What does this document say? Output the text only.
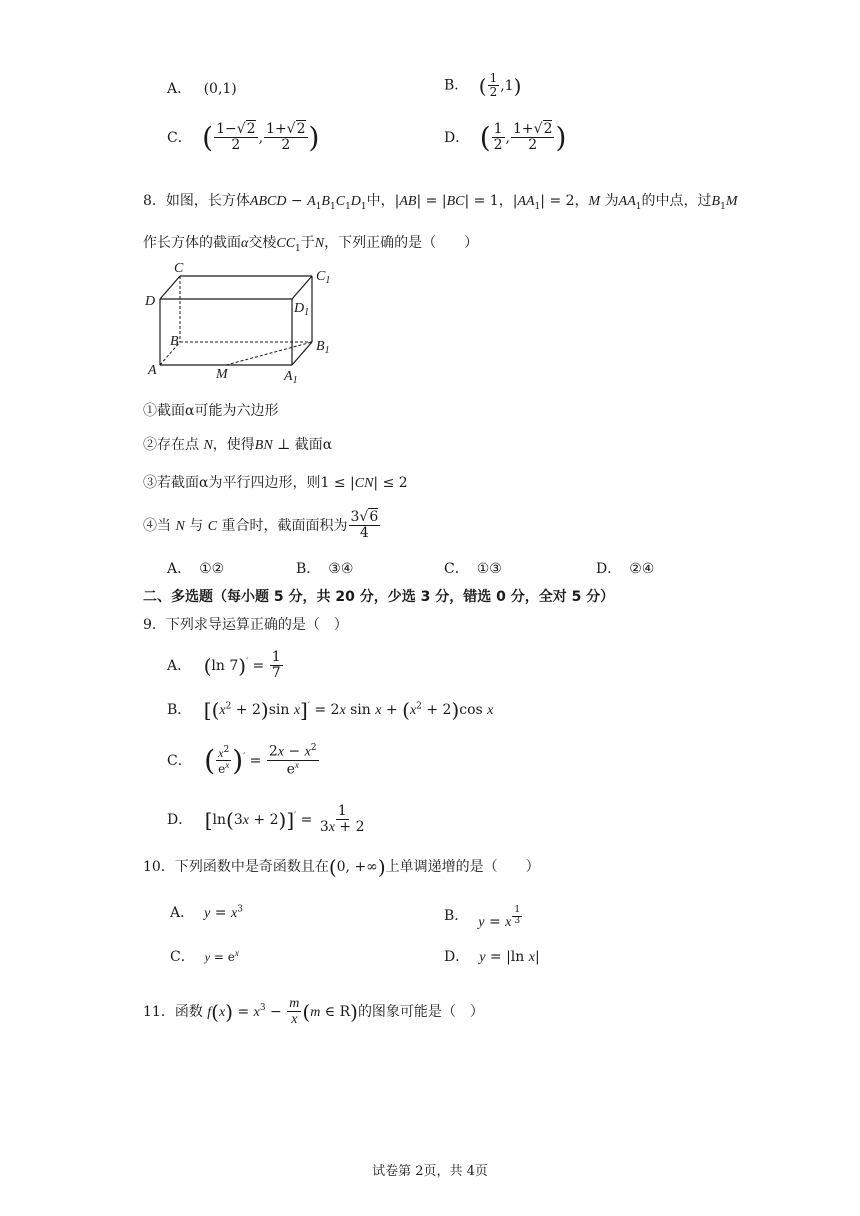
A． (0,1)	B． ( $\frac{1}{2} ,1$)
C． ( $\frac{1-√2}{2}$ , $\frac{1+√2}{2}$ )	D． ( $\frac{1}{2}$ , $\frac{1+√2}{2}$ )
8．如图，长方体ABCD − $A_1B_1C_1D_1$中，|AB| = |BC| = 1，$|AA_1| = 2$，M 为$AA_1$的中点，过$B_1M$
作长方体的截面α交棱$CC_1$于N，下列正确的是（　　）
C
$C_1$
D	$D_1$
B	$B_1$
A	M	$A_1$
①截面α可能为六边形
②存在点 N，使得BN ⊥ 截面α
③若截面α为平行四边形，则1 ≤ |CN| ≤ 2
④当 N 与 C 重合时，截面面积为 $\frac{3√6}{4}$
A． ①②	B． ③④	C． ①③	D． ②④
二、多选题（每小题 5 分，共 20 分，少选 3 分，错选 0 分，全对 5 分）
9．下列求导运算正确的是（　）
A． (ln $7)' = \frac{1}{7}$
B． [$(x^2 + 2)\sin$ x]′ = 2x $\sin x + (x^2 + 2)\cos$ x
C． ( $\frac{x^2}{e^x} )' = \frac{2x - x^2}{e^x}$
D． $[\ln(3x + 2)]' = \frac{1}{3x + 2}$
10．下列函数中是奇函数且在(0, +∞)上单调递增的是（　　）
A． $y = x^3$	B． y = x $\frac{1}{3}$
C． $y = e^x$	D． y = |ln x|
11．函数 $f(x) = x^3 - \frac{m}{x} (m$ ∈ R)的图象可能是（　）
试卷第 2页，共 4页
